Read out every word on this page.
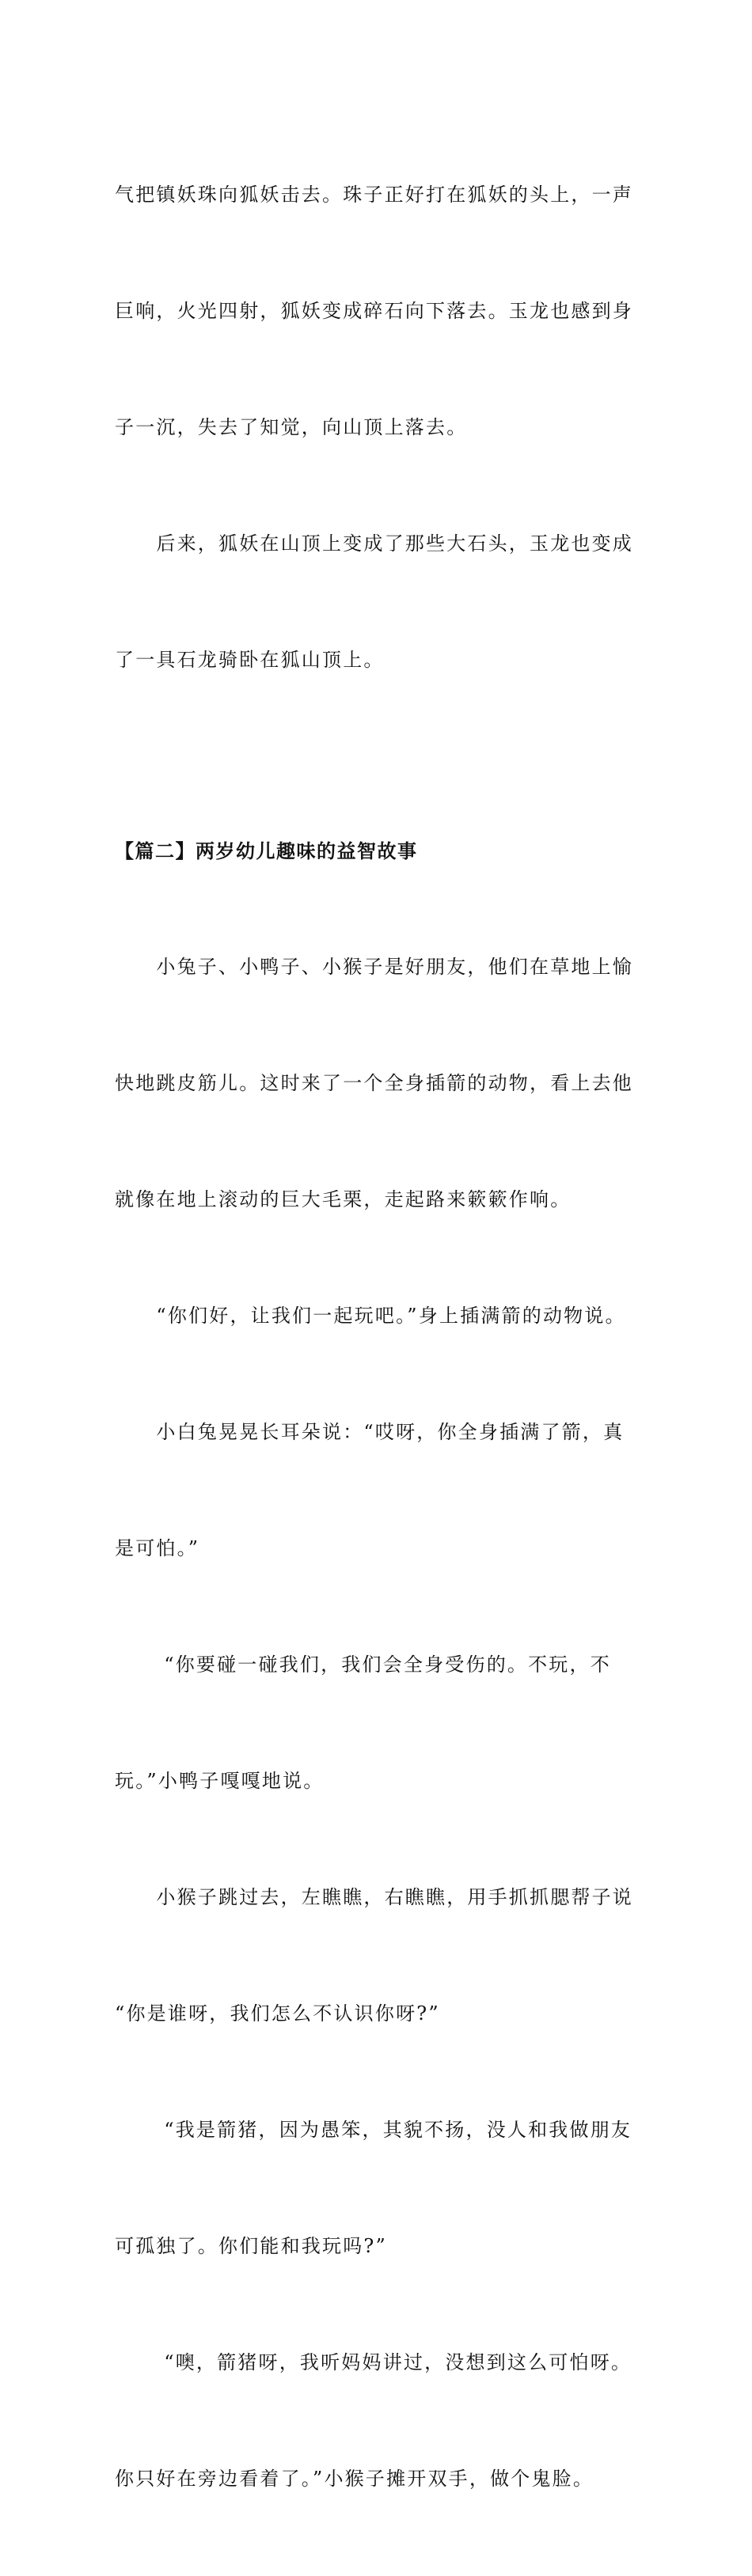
气把镇妖珠向狐妖击去。珠子正好打在狐妖的头上，一声

巨响，火光四射，狐妖变成碎石向下落去。玉龙也感到身

子一沉，失去了知觉，向山顶上落去。

　　后来，狐妖在山顶上变成了那些大石头，玉龙也变成

了一具石龙骑卧在狐山顶上。

【篇二】两岁幼儿趣味的益智故事

　　小兔子、小鸭子、小猴子是好朋友，他们在草地上愉

快地跳皮筋儿。这时来了一个全身插箭的动物，看上去他

就像在地上滚动的巨大毛栗，走起路来簌簌作响。

　　“你们好，让我们一起玩吧。”身上插满箭的动物说。

　　小白兔晃晃长耳朵说：“哎呀，你全身插满了箭，真

是可怕。”

　　 “你要碰一碰我们，我们会全身受伤的。不玩，不

玩。”小鸭子嘎嘎地说。

　　小猴子跳过去，左瞧瞧，右瞧瞧，用手抓抓腮帮子说

“你是谁呀，我们怎么不认识你呀?”

　　 “我是箭猪，因为愚笨，其貌不扬，没人和我做朋友

可孤独了。你们能和我玩吗?”

　　 “噢，箭猪呀，我听妈妈讲过，没想到这么可怕呀。

你只好在旁边看着了。”小猴子摊开双手，做个鬼脸。
